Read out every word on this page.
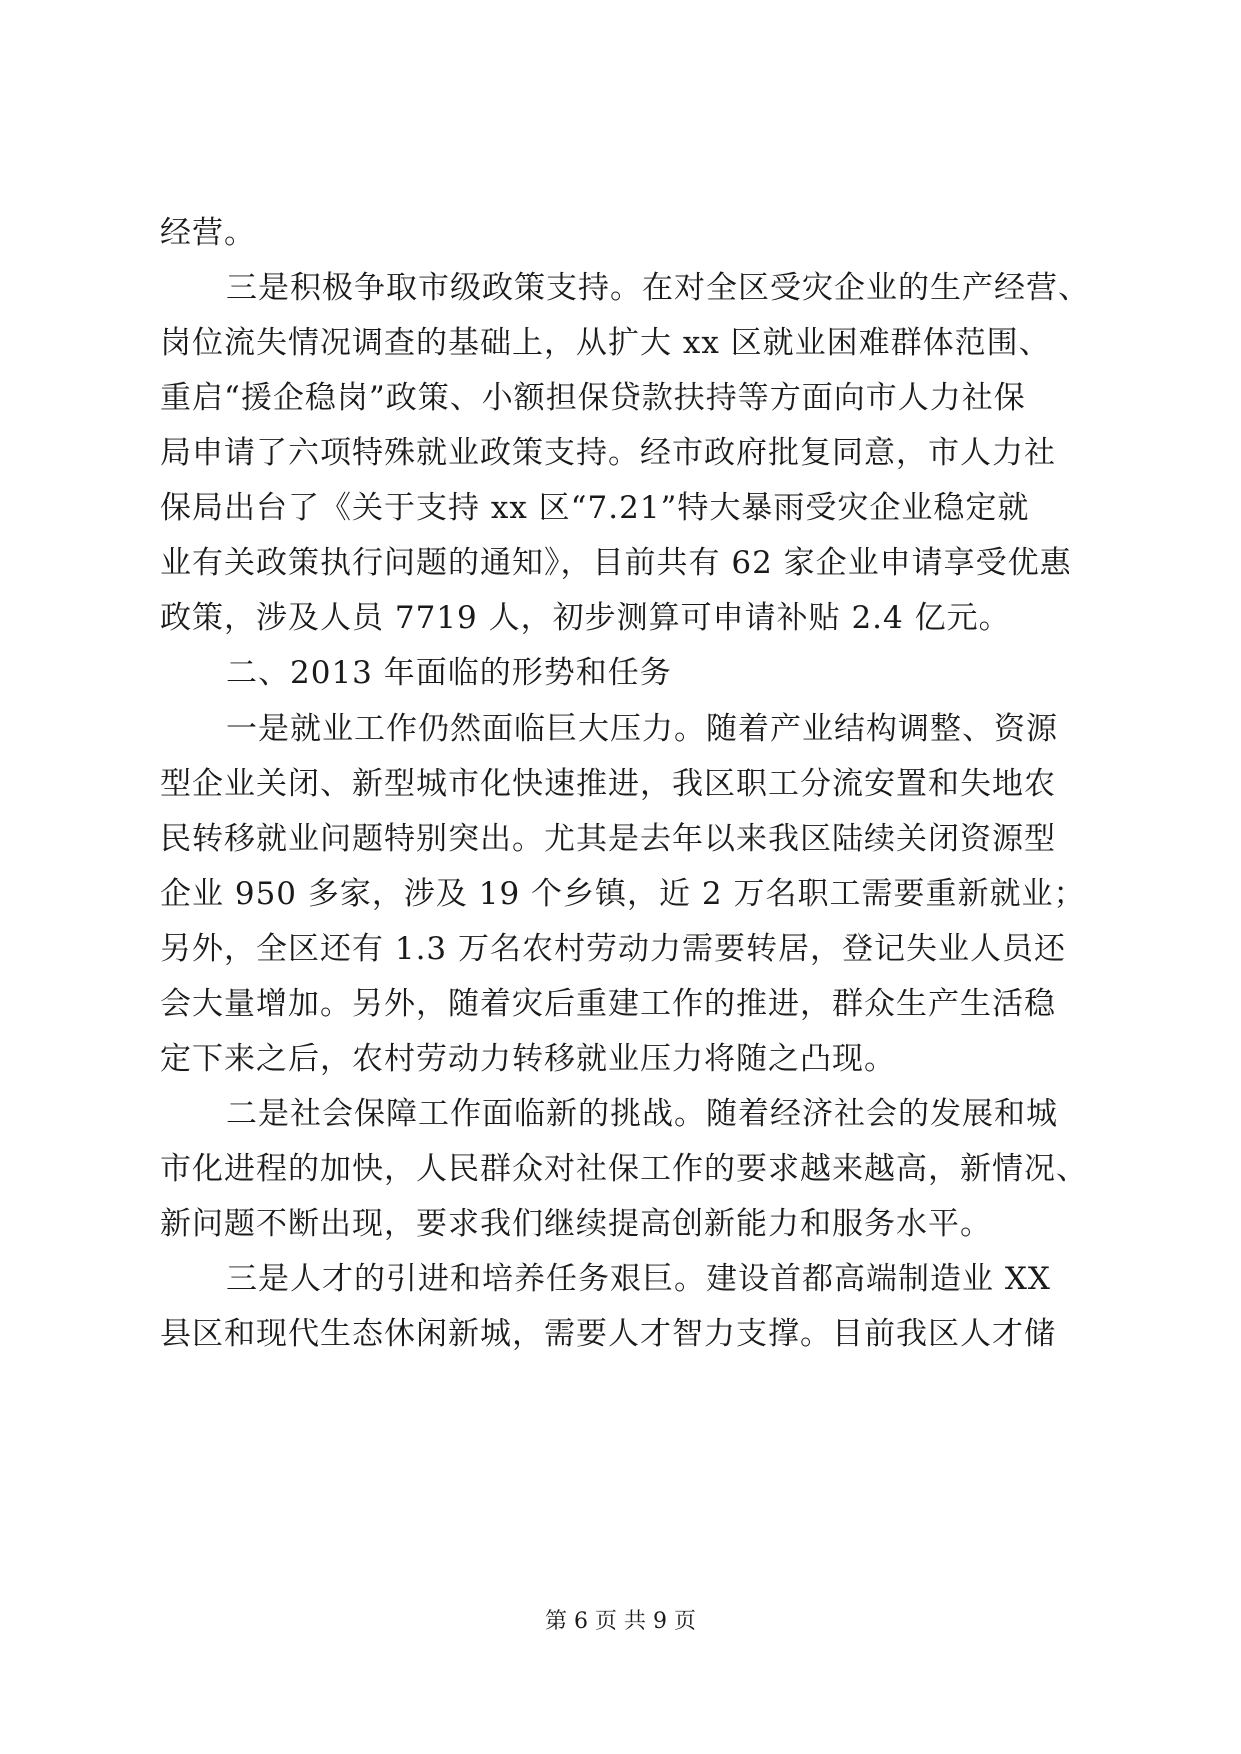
经营。
三是积极争取市级政策支持。在对全区受灾企业的生产经营、
岗位流失情况调查的基础上，从扩大 xx 区就业困难群体范围、
重启“援企稳岗”政策、小额担保贷款扶持等方面向市人力社保
局申请了六项特殊就业政策支持。经市政府批复同意，市人力社
保局出台了《关于支持 xx 区“7.21”特大暴雨受灾企业稳定就
业有关政策执行问题的通知》，目前共有 62 家企业申请享受优惠
政策，涉及人员 7719 人，初步测算可申请补贴 2.4 亿元。
二、2013 年面临的形势和任务
一是就业工作仍然面临巨大压力。随着产业结构调整、资源
型企业关闭、新型城市化快速推进，我区职工分流安置和失地农
民转移就业问题特别突出。尤其是去年以来我区陆续关闭资源型
企业 950 多家，涉及 19 个乡镇，近 2 万名职工需要重新就业；
另外，全区还有 1.3 万名农村劳动力需要转居，登记失业人员还
会大量增加。另外，随着灾后重建工作的推进，群众生产生活稳
定下来之后，农村劳动力转移就业压力将随之凸现。
二是社会保障工作面临新的挑战。随着经济社会的发展和城
市化进程的加快，人民群众对社保工作的要求越来越高，新情况、
新问题不断出现，要求我们继续提高创新能力和服务水平。
三是人才的引进和培养任务艰巨。建设首都高端制造业 XX
县区和现代生态休闲新城，需要人才智力支撑。目前我区人才储
第 6 页 共 9 页
